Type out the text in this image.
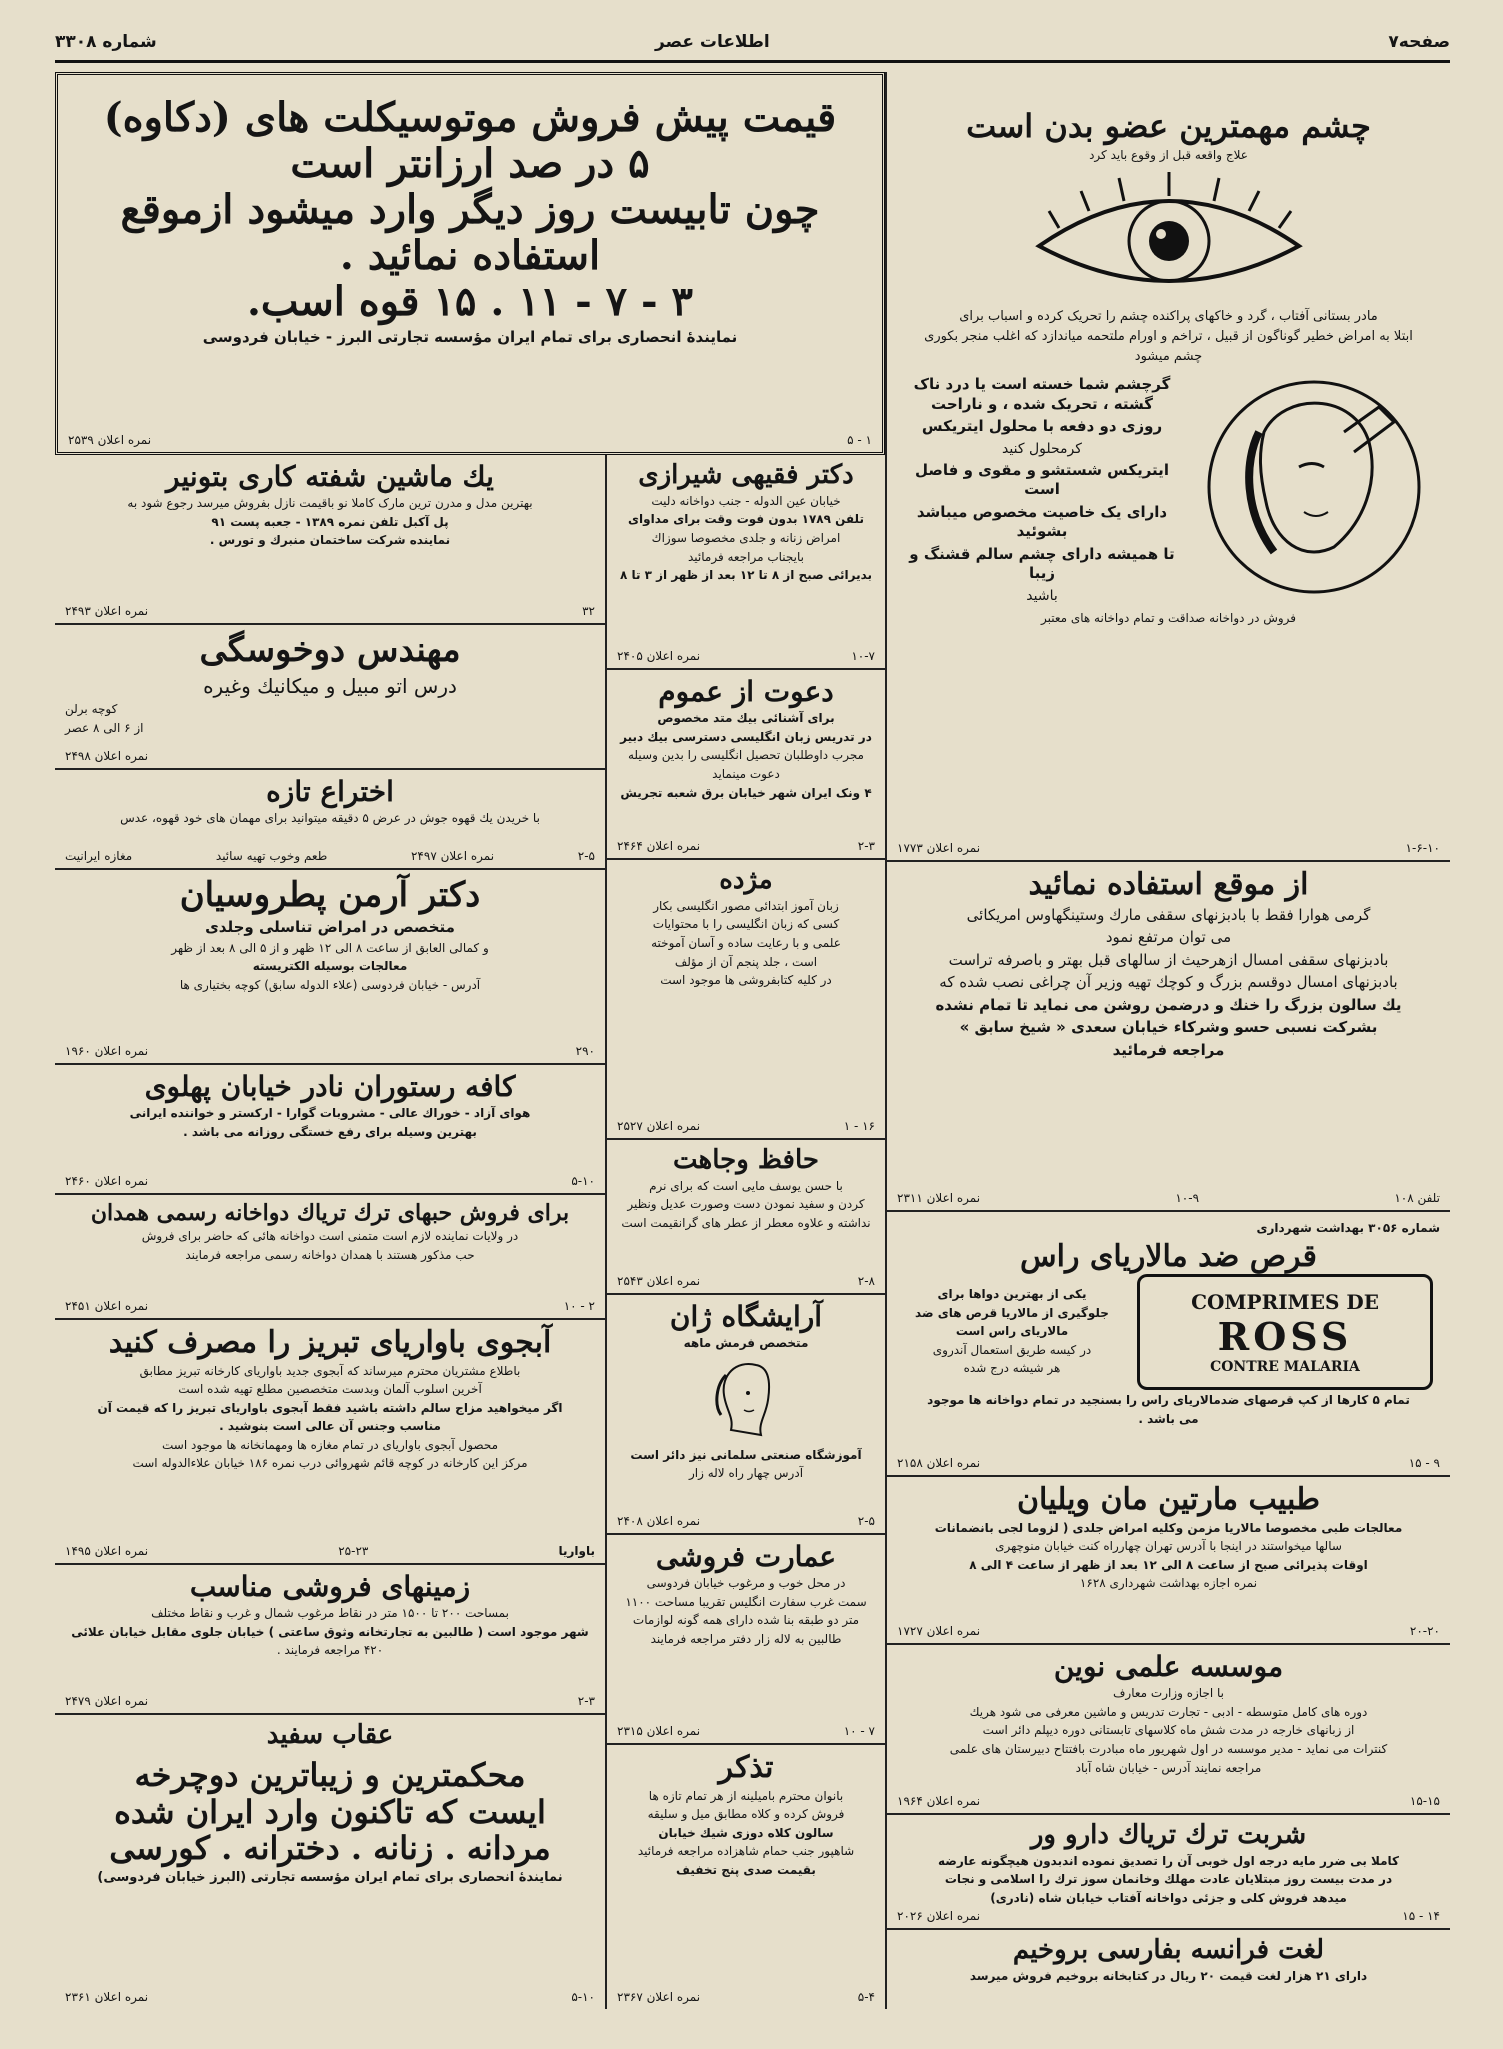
صفحه۷
اطلاعات عصر
شماره ۳۳۰۸
قیمت پیش فروش موتوسیکلت های (دکاوه)
۵ در صد ارزانتر است
چون تابیست روز دیگر وارد میشود ازموقع
استفاده نمائید .
۳ - ۷ - ۱۱ . ۱۵ قوه اسب.

نمایندهٔ انحصاری برای تمام ایران مؤسسه تجارتی البرز - خیابان فردوسی

۱ - ۵
نمره اعلان ۲۵۳۹
یك ماشین شفته کاری بتونیر

بهترین مدل و مدرن ترین مارک کاملا نو باقیمت نازل بفروش میرسد رجوع شود به

پل آکبل تلفن نمره ۱۳۸۹ - جعبه پست ۹۱

نماینده شرکت ساختمان منبرك و تورس .

۳۲
نمره اعلان ۲۴۹۳
مهندس دوخوسگی

درس اتو مبیل و میکانیك وغیره

کوچه برلن

از ۶ الی ۸ عصر

نمره اعلان ۲۴۹۸
اختراع تازه

با خریدن یك قهوه جوش در عرض ۵ دقیقه میتوانید برای مهمان های خود قهوه، عدس

۲-۵
نمره اعلان ۲۴۹۷
طعم وخوب تهیه سائید
مغازه ایرانیت
دکتر آرمن پطروسیان

متخصص در امراض تناسلی وجلدی

و کمالی العابق از ساعت ۸ الی ۱۲ ظهر و از ۵ الی ۸ بعد از ظهر

معالجات بوسیله الکتریسته

آدرس - خیابان فردوسی (علاء الدوله سابق) کوچه بختیاری ها

۲۹۰
نمره اعلان ۱۹۶۰
کافه رستوران نادر خیابان پهلوی

هوای آزاد - خوراك عالی - مشروبات گوارا - ارکستر و خواننده ایرانی

بهترین وسیله برای رفع خستگی روزانه می باشد .

۵-۱۰
نمره اعلان ۲۴۶۰
برای فروش حبهای ترك تریاك دواخانه رسمی همدان

در ولایات نماینده لازم است متمنی است دواخانه هائی که حاضر برای فروش

حب مذکور هستند با همدان دواخانه رسمی مراجعه فرمایند

۲ - ۱۰
نمره اعلان ۲۴۵۱
آبجوی باواریای تبریز را مصرف کنید

باطلاع مشتریان محترم میرساند که آبجوی جدید باواریای کارخانه تبریز مطابق

آخرین اسلوب آلمان وبدست متخصصین مطلع تهیه شده است

اگر میخواهید مزاج سالم داشته باشید فقط آبجوی باواریای تبریز را که قیمت آن

مناسب وجنس آن عالی است بنوشید .

محصول آبجوی باواریای در تمام مغازه ها ومهمانخانه ها موجود است

مرکز این کارخانه در کوچه قائم شهروائی درب نمره ۱۸۶ خیابان علاءالدوله است

باواریا
۲۵-۲۳
نمره اعلان ۱۴۹۵
زمینهای فروشی مناسب

بمساحت ۲۰۰ تا ۱۵۰۰ متر در نقاط مرغوب شمال و غرب و نقاط مختلف

شهر موجود است ( طالبین به تجارتخانه وثوق ساعتی ) خیابان جلوی مقابل خیابان علائی

۴۲۰ مراجعه فرمایند .

۲-۳
نمره اعلان ۲۴۷۹
عقاب سفید
محکمترین و زیباترین دوچرخه
ایست که تاکنون وارد ایران شده
مردانه . زنانه . دخترانه . کورسی

نمایندهٔ انحصاری برای تمام ایران مؤسسه تجارتی (البرز خیابان فردوسی)

۵-۱۰
نمره اعلان ۲۳۶۱
دکتر فقیهی شیرازی

خیابان عین الدوله - جنب دواخانه دلیت

تلفن ۱۷۸۹ بدون فوت وقت برای مداوای

امراض زنانه و جلدی مخصوصا سوزاك

بایجناب مراجعه فرمائید

بدیرائی صبح از ۸ تا ۱۲ بعد از ظهر از ۳ تا ۸

۱۰-۷
نمره اعلان ۲۴۰۵
دعوت از عموم

برای آشنائی بیك متد مخصوص

در تدریس زبان انگلیسی دسترسی بیك دبیر

مجرب داوطلبان تحصیل انگلیسی را بدین وسیله

دعوت مینماید

۴ ونک ایران شهر خیابان برق شعبه تجریش

۲-۳
نمره اعلان ۲۴۶۴
مژده

زبان آموز ابتدائی مصور انگلیسی بکار

کسی که زبان انگلیسی را با محتوایات

علمی و با رعایت ساده و آسان آموخته

است ، جلد پنجم آن از مؤلف

در کلیه کتابفروشی ها موجود است

۱۶ - ۱
نمره اعلان ۲۵۲۷
حافظ وجاهت

با حسن یوسف مایی است که برای نرم

کردن و سفید نمودن دست وصورت عدیل ونظیر

نداشته و علاوه معطر از عطر های گرانقیمت است

۲-۸
نمره اعلان ۲۵۴۳
آرایشگاه ژان

متخصص فرمش ماهه

آموزشگاه صنعتی سلمانی نیز دائر است

آدرس چهار راه لاله زار

۲-۵
نمره اعلان ۲۴۰۸
عمارت فروشی

در محل خوب و مرغوب خیابان فردوسی

سمت غرب سفارت انگلیس تقریبا مساحت ۱۱۰۰

متر دو طبقه بنا شده دارای همه گونه لوازمات

طالبین به لاله زار دفتر مراجعه فرمایند

۷ - ۱۰
نمره اعلان ۲۳۱۵
تذکر

بانوان محترم بامیلینه از هر تمام تازه ها

فروش کرده و کلاه مطابق میل و سلیقه

سالون کلاه دوزی شیك خیابان

شاهپور جنب حمام شاهزاده مراجعه فرمائید

بقیمت صدی پنج تخفیف

۵-۴
نمره اعلان ۲۳۶۷
چشم مهمترین عضو بدن است

علاج واقعه قبل از وقوع باید کرد

مادر بستانی آفتاب ، گرد و خاکهای پراکنده چشم را تحریک کرده و اسباب برای

ابتلا به امراض خطیر گوناگون از قبیل ، تراخم و اورام ملتحمه میاندازد که اغلب منجر بکوری

چشم میشود

گرچشم شما خسته است یا درد ناک گشته ، تحریک شده ، و ناراحت

روزی دو دفعه با محلول ایتریکس

کرمحلول کنید

ایتریکس شستشو و مقوی و فاصل است

دارای یک خاصیت مخصوص میباشد بشوئید

تا همیشه دارای چشم سالم قشنگ و زیبا

باشید

فروش در دواخانه صداقت و تمام دواخانه های معتبر

۱-۶-۱۰
نمره اعلان ۱۷۷۳
از موقع استفاده نمائید

گرمی هوارا فقط با بادبزنهای سقفی مارك وستینگهاوس امریکائی

می توان مرتفع نمود

بادبزنهای سقفی امسال ازهرحیث از سالهای قبل بهتر و باصرفه تراست

بادبزنهای امسال دوقسم بزرگ و کوچك تهیه وزیر آن چراغی نصب شده که

یك سالون بزرگ را خنك و درضمن روشن می نماید تا تمام نشده

بشرکت نسبی حسو وشرکاء خیابان سعدی « شیخ سابق »

مراجعه فرمائید

تلفن ۱۰۸
۱۰-۹
نمره اعلان ۲۳۱۱

شماره ۳۰۵۶ بهداشت شهرداری

قرص ضد مالاریای راس

یکی از بهترین دواها برای

جلوگیری از مالاریا قرص های ضد

مالاریای راس است

در کیسه طریق استعمال آندروی

هر شیشه درج شده

COMPRIMES DE
ROSS
CONTRE MALARIA

تمام ۵ کارها از کپ قرصهای ضدمالاریای راس را بسنجید در تمام دواخانه ها موجود

می باشد .

۹ - ۱۵
نمره اعلان ۲۱۵۸
طبیب مارتین مان ویلیان

معالجات طبی مخصوصا مالاریا مزمن وکلیه امراض جلدی ( لزوما لجی بانضمانات

سالها میخواستند در اینجا با آدرس تهران چهارراه کنت خیابان منوچهری

اوقات پذیرائی صبح از ساعت ۸ الی ۱۲ بعد از ظهر از ساعت ۴ الی ۸

نمره اجازه بهداشت شهرداری ۱۶۲۸

۲۰-۲۰
نمره اعلان ۱۷۲۷
موسسه علمی نوین

با اجازه وزارت معارف

دوره های کامل متوسطه - ادبی - تجارت تدریس و ماشین معرفی می شود هریك

از زبانهای خارجه در مدت شش ماه کلاسهای تابستانی دوره دیپلم دائر است

کنترات می نماید - مدیر موسسه در اول شهریور ماه مبادرت بافتتاح دبیرستان های علمی

مراجعه نمایند آدرس - خیابان شاه آباد

۱۵-۱۵
نمره اعلان ۱۹۶۴
شربت ترك تریاك دارو ور

کاملا بی ضرر مایه درجه اول خوبی آن را تصدیق نموده اندبدون هیچگونه عارضه

در مدت بیست روز مبتلایان عادت مهلك وخانمان سوز ترك را اسلامی و نجات

میدهد فروش کلی و جزئی دواخانه آفتاب خیابان شاه (نادری)

۱۴ - ۱۵
نمره اعلان ۲۰۲۶
لغت فرانسه بفارسی بروخیم

دارای ۲۱ هزار لغت قیمت ۲۰ ریال در کتابخانه بروخیم فروش میرسد
